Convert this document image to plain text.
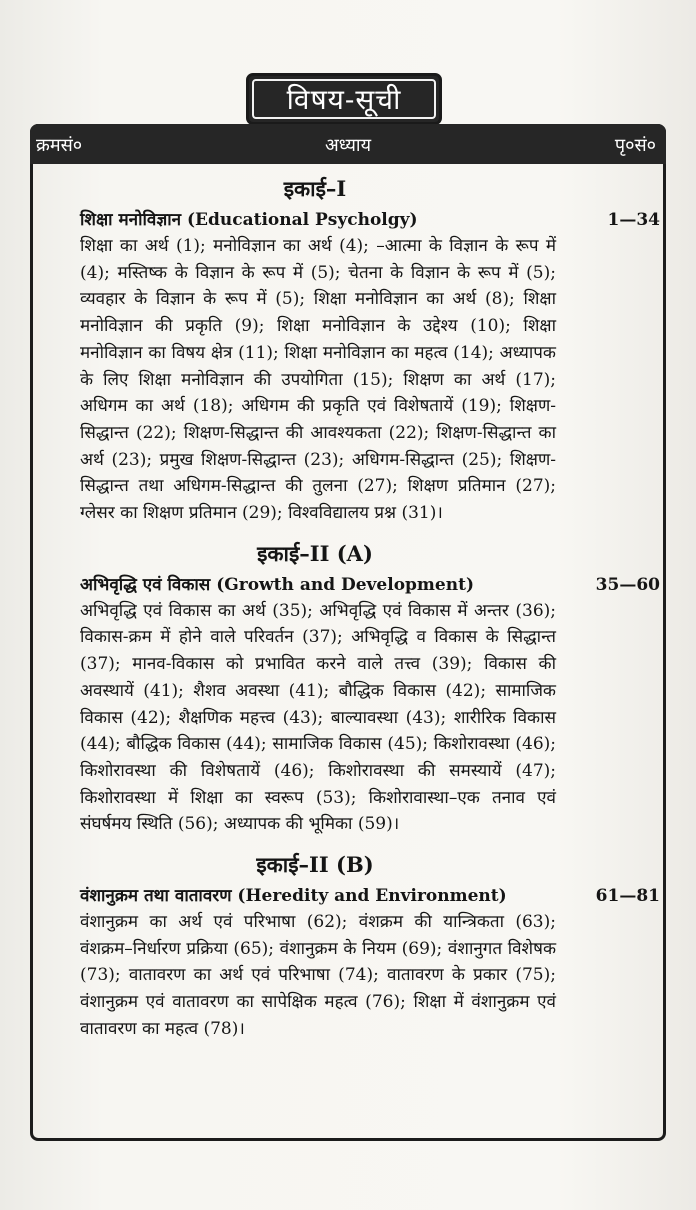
विषय-सूची
क्रम‍सं०	अध्याय	पृ०सं०
इकाई–I
शिक्षा मनोविज्ञान (Educational Psycholgy)	1—34

शिक्षा का अर्थ (1); मनोविज्ञान का अर्थ (4); –आत्मा के विज्ञान के रूप में (4); मस्तिष्क के विज्ञान के रूप में (5); चेतना के विज्ञान के रूप में (5); व्यवहार के विज्ञान के रूप में (5); शिक्षा मनोविज्ञान का अर्थ (8); शिक्षा मनोविज्ञान की प्रकृति (9); शिक्षा मनोविज्ञान के उद्देश्य (10); शिक्षा मनोविज्ञान का विषय क्षेत्र (11); शिक्षा मनोविज्ञान का महत्व (14); अध्यापक के लिए शिक्षा मनोविज्ञान की उपयोगिता (15); शिक्षण का अर्थ (17); अधिगम का अर्थ (18); अधिगम की प्रकृति एवं विशेषतायें (19); शिक्षण-सिद्धान्त (22); शिक्षण-सिद्धान्त की आवश्यकता (22); शिक्षण-सिद्धान्त का अर्थ (23); प्रमुख शिक्षण-सिद्धान्त (23); अधिगम-सिद्धान्त (25); शिक्षण-सिद्धान्त तथा अधिगम-सिद्धान्त की तुलना (27); शिक्षण प्रतिमान (27); ग्लेसर का शिक्षण प्रतिमान (29); विश्वविद्यालय प्रश्न (31)।

इकाई–II (A)
अभिवृद्धि एवं विकास (Growth and Development)	35—60

अभिवृद्धि एवं विकास का अर्थ (35); अभिवृद्धि एवं विकास में अन्तर (36); विकास-क्रम में होने वाले परिवर्तन (37); अभिवृद्धि व विकास के सिद्धान्त (37); मानव-विकास को प्रभावित करने वाले तत्त्व (39); विकास की अवस्थायें (41); शैशव अवस्था (41); बौद्धिक विकास (42); सामाजिक विकास (42); शैक्षणिक महत्त्व (43); बाल्यावस्था (43); शारीरिक विकास (44); बौद्धिक विकास (44); सामाजिक विकास (45); किशोरावस्था (46); किशोरावस्था की विशेषतायें (46); किशोरावस्था की समस्यायें (47); किशोरावस्था में शिक्षा का स्वरूप (53); किशोरावास्था–एक तनाव एवं संघर्षमय स्थिति (56); अध्यापक की भूमिका (59)।

इकाई–II (B)
वंशानुक्रम तथा वातावरण (Heredity and Environment)	61—81

वंशानुक्रम का अर्थ एवं परिभाषा (62); वंशक्रम की यान्त्रिकता (63); वंशक्रम–निर्धारण प्रक्रिया (65); वंशानुक्रम के नियम (69); वंशानुगत विशेषक (73); वातावरण का अर्थ एवं परिभाषा (74); वातावरण के प्रकार (75); वंशानुक्रम एवं वातावरण का सापेक्षिक महत्व (76); शिक्षा में वंशानुक्रम एवं वातावरण का महत्व (78)।
